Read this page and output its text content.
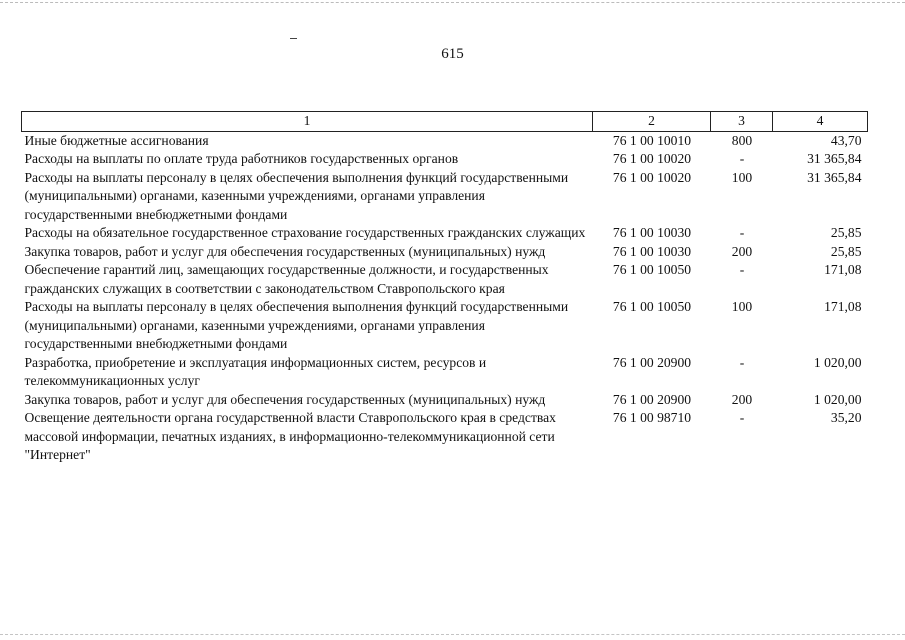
615
1	2	3	4
Иные бюджетные ассигнования	76 1 00 10010	800	43,70
Расходы на выплаты по оплате труда работников государственных органов	76 1 00 10020	-	31 365,84
Расходы на выплаты персоналу в целях обеспечения выполнения функций государственными (муниципальными) органами, казенными учреждениями, органами управления государственными внебюджетными фондами	76 1 00 10020	100	31 365,84
Расходы на обязательное государственное страхование государственных гражданских служащих	76 1 00 10030	-	25,85
Закупка товаров, работ и услуг для обеспечения государственных (муниципальных) нужд	76 1 00 10030	200	25,85
Обеспечение гарантий лиц, замещающих государственные должности, и государственных гражданских служащих в соответствии с законодательством Ставропольского края	76 1 00 10050	-	171,08
Расходы на выплаты персоналу в целях обеспечения выполнения функций государственными (муниципальными) органами, казенными учреждениями, органами управления государственными внебюджетными фондами	76 1 00 10050	100	171,08
Разработка, приобретение и эксплуатация информационных систем, ресурсов и телекоммуникационных услуг	76 1 00 20900	-	1 020,00
Закупка товаров, работ и услуг для обеспечения государственных (муниципальных) нужд	76 1 00 20900	200	1 020,00
Освещение деятельности органа государственной власти Ставропольского края в средствах массовой информации, печатных изданиях, в информационно-телекоммуникационной сети "Интернет"	76 1 00 98710	-	35,20
